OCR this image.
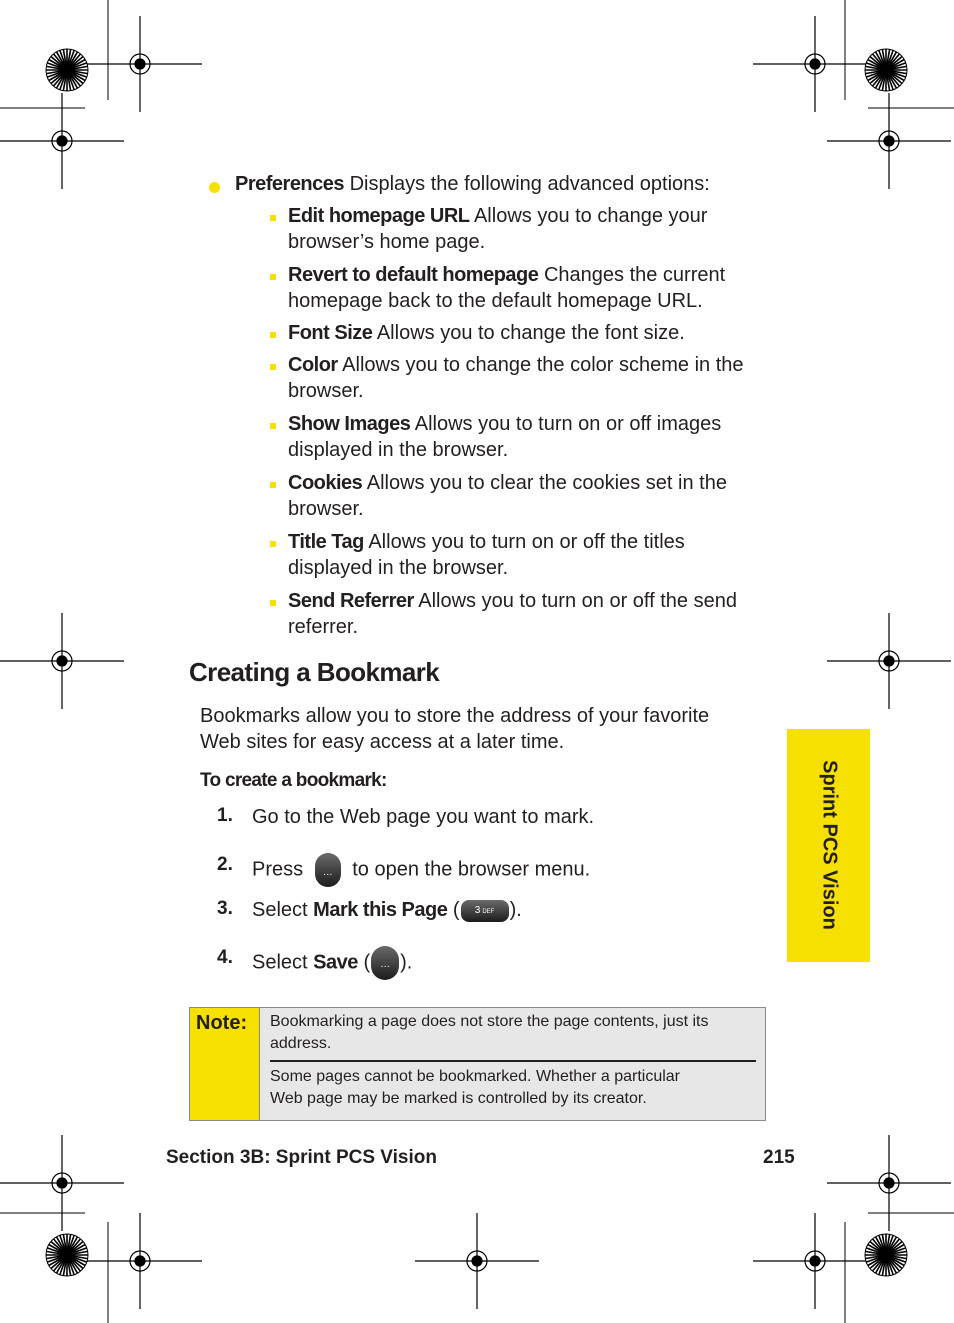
Preferences Displays the following advanced options:
Edit homepage URL Allows you to change your
browser’s home page.
Revert to default homepage Changes the current
homepage back to the default homepage URL.
Font Size Allows you to change the font size.
Color Allows you to change the color scheme in the
browser.
Show Images Allows you to turn on or off images
displayed in the browser.
Cookies Allows you to clear the cookies set in the
browser.
Title Tag Allows you to turn on or off the titles
displayed in the browser.
Send Referrer Allows you to turn on or off the send
referrer.
Creating a Bookmark
Bookmarks allow you to store the address of your favorite
Web sites for easy access at a later time.
To create a bookmark:
1. Go to the Web page you want to mark.
2. Press … to open the browser menu.
3. Select Mark this Page ( 3 DEF ).
4. Select Save ( … ).
Note: Bookmarking a page does not store the page contents, just its
address.
Some pages cannot be bookmarked. Whether a particular
Web page may be marked is controlled by its creator.
Sprint PCS Vision
Section 3B: Sprint PCS Vision	215
